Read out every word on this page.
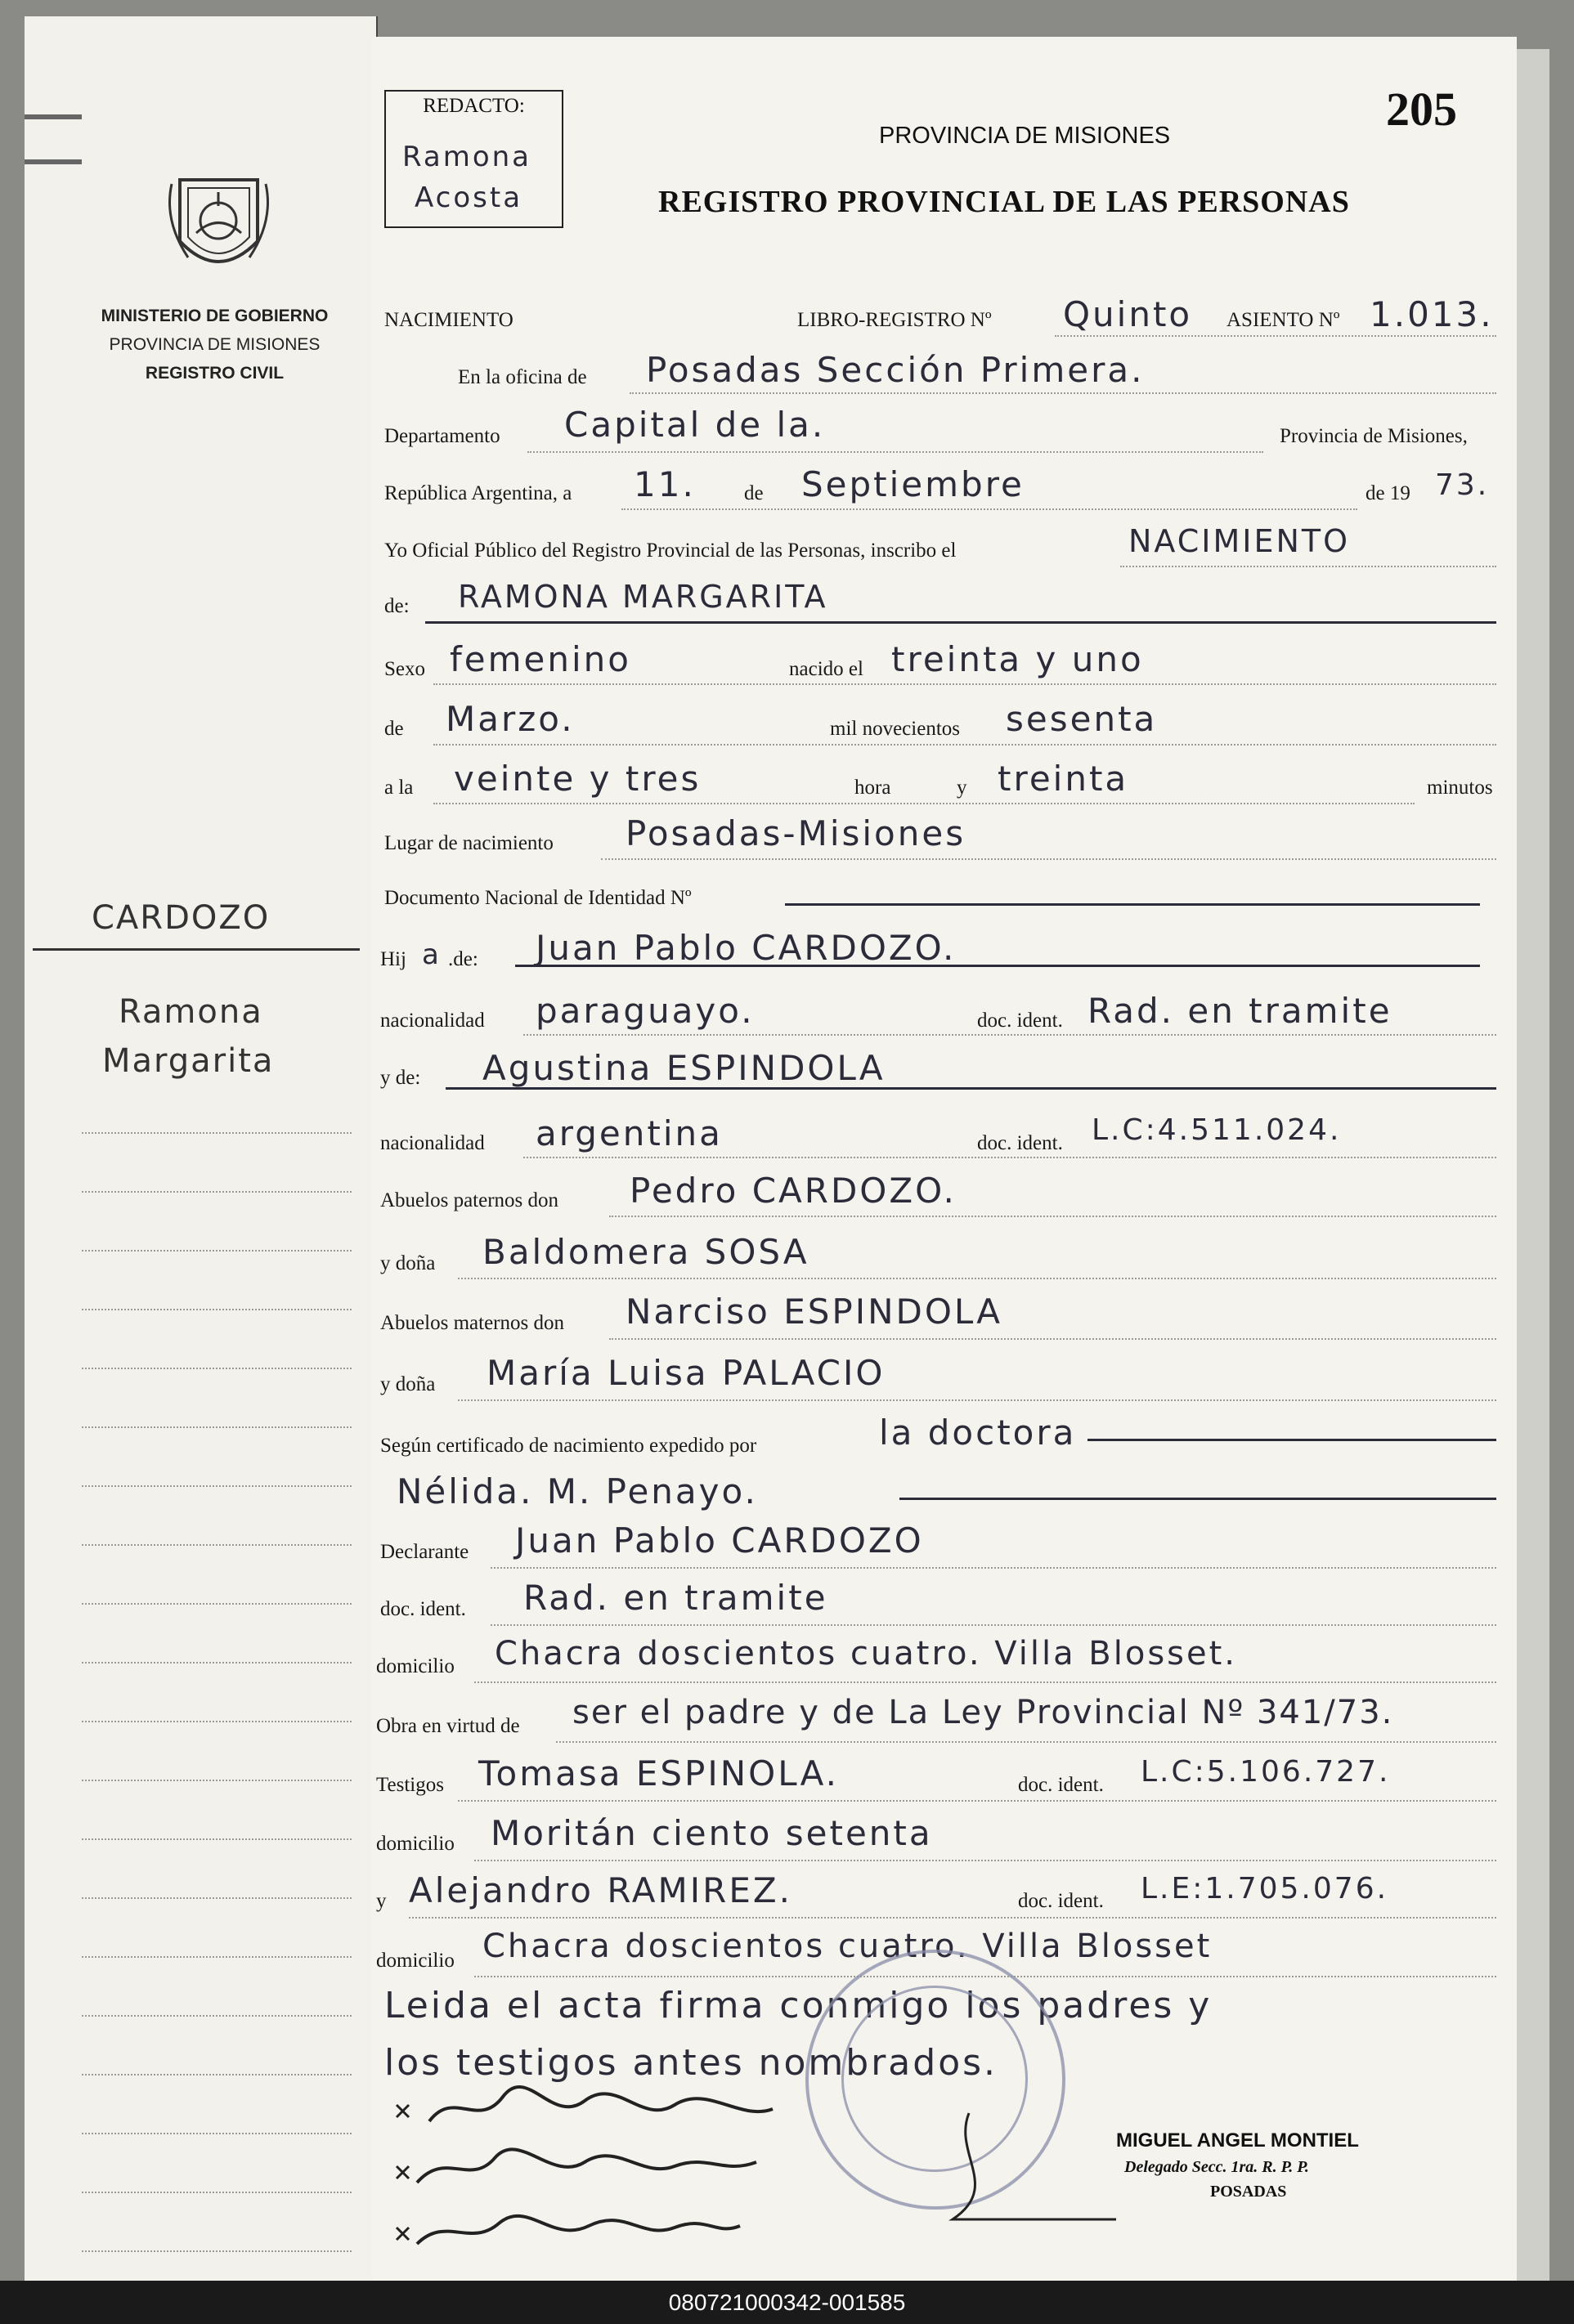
MINISTERIO DE GOBIERNO
PROVINCIA DE MISIONES
REGISTRO CIVIL
CARDOZO
Ramona
Margarita
REDACTO:
Ramona
Acosta
205
PROVINCIA DE MISIONES
REGISTRO PROVINCIAL DE LAS PERSONAS
NACIMIENTO	LIBRO-REGISTRO Nº Quinto ASIENTO Nº 1.013.
En la oficina de Posadas Sección Primera.
Departamento Capital de la.	Provincia de Misiones,
República Argentina, a 11. de Septiembre	de 19 73.
Yo Oficial Público del Registro Provincial de las Personas, inscribo el	NACIMIENTO
de: RAMONA MARGARITA
Sexo femenino	nacido el treinta y uno
de Marzo.	mil novecientos sesenta
a la veinte y tres	hora	y treinta	minutos
Lugar de nacimiento Posadas-Misiones
Documento Nacional de Identidad Nº
Hij a .de: Juan Pablo CARDOZO.
nacionalidad paraguayo.	doc. ident. Rad. en tramite
y de: Agustina ESPINDOLA
nacionalidad argentina	doc. ident. L.C:4.511.024.
Abuelos paternos don Pedro CARDOZO.
y doña Baldomera SOSA
Abuelos maternos don Narciso ESPINDOLA
y doña María Luisa PALACIO
Según certificado de nacimiento expedido por	la doctora
Nélida. M. Penayo.
Declarante Juan Pablo CARDOZO
doc. ident. Rad. en tramite
domicilio Chacra doscientos cuatro. Villa Blosset.
Obra en virtud de ser el padre y de La Ley Provincial Nº 341/73.
Testigos Tomasa ESPINOLA.	doc. ident. L.C:5.106.727.
domicilio Moritán ciento setenta
y Alejandro RAMIREZ.	doc. ident. L.E:1.705.076.
domicilio Chacra doscientos cuatro. Villa Blosset
Leida el acta firma conmigo los padres y
los testigos antes nombrados.
MIGUEL ANGEL MONTIEL
Delegado Secc. 1ra. R. P. P.
POSADAS
080721000342-001585
